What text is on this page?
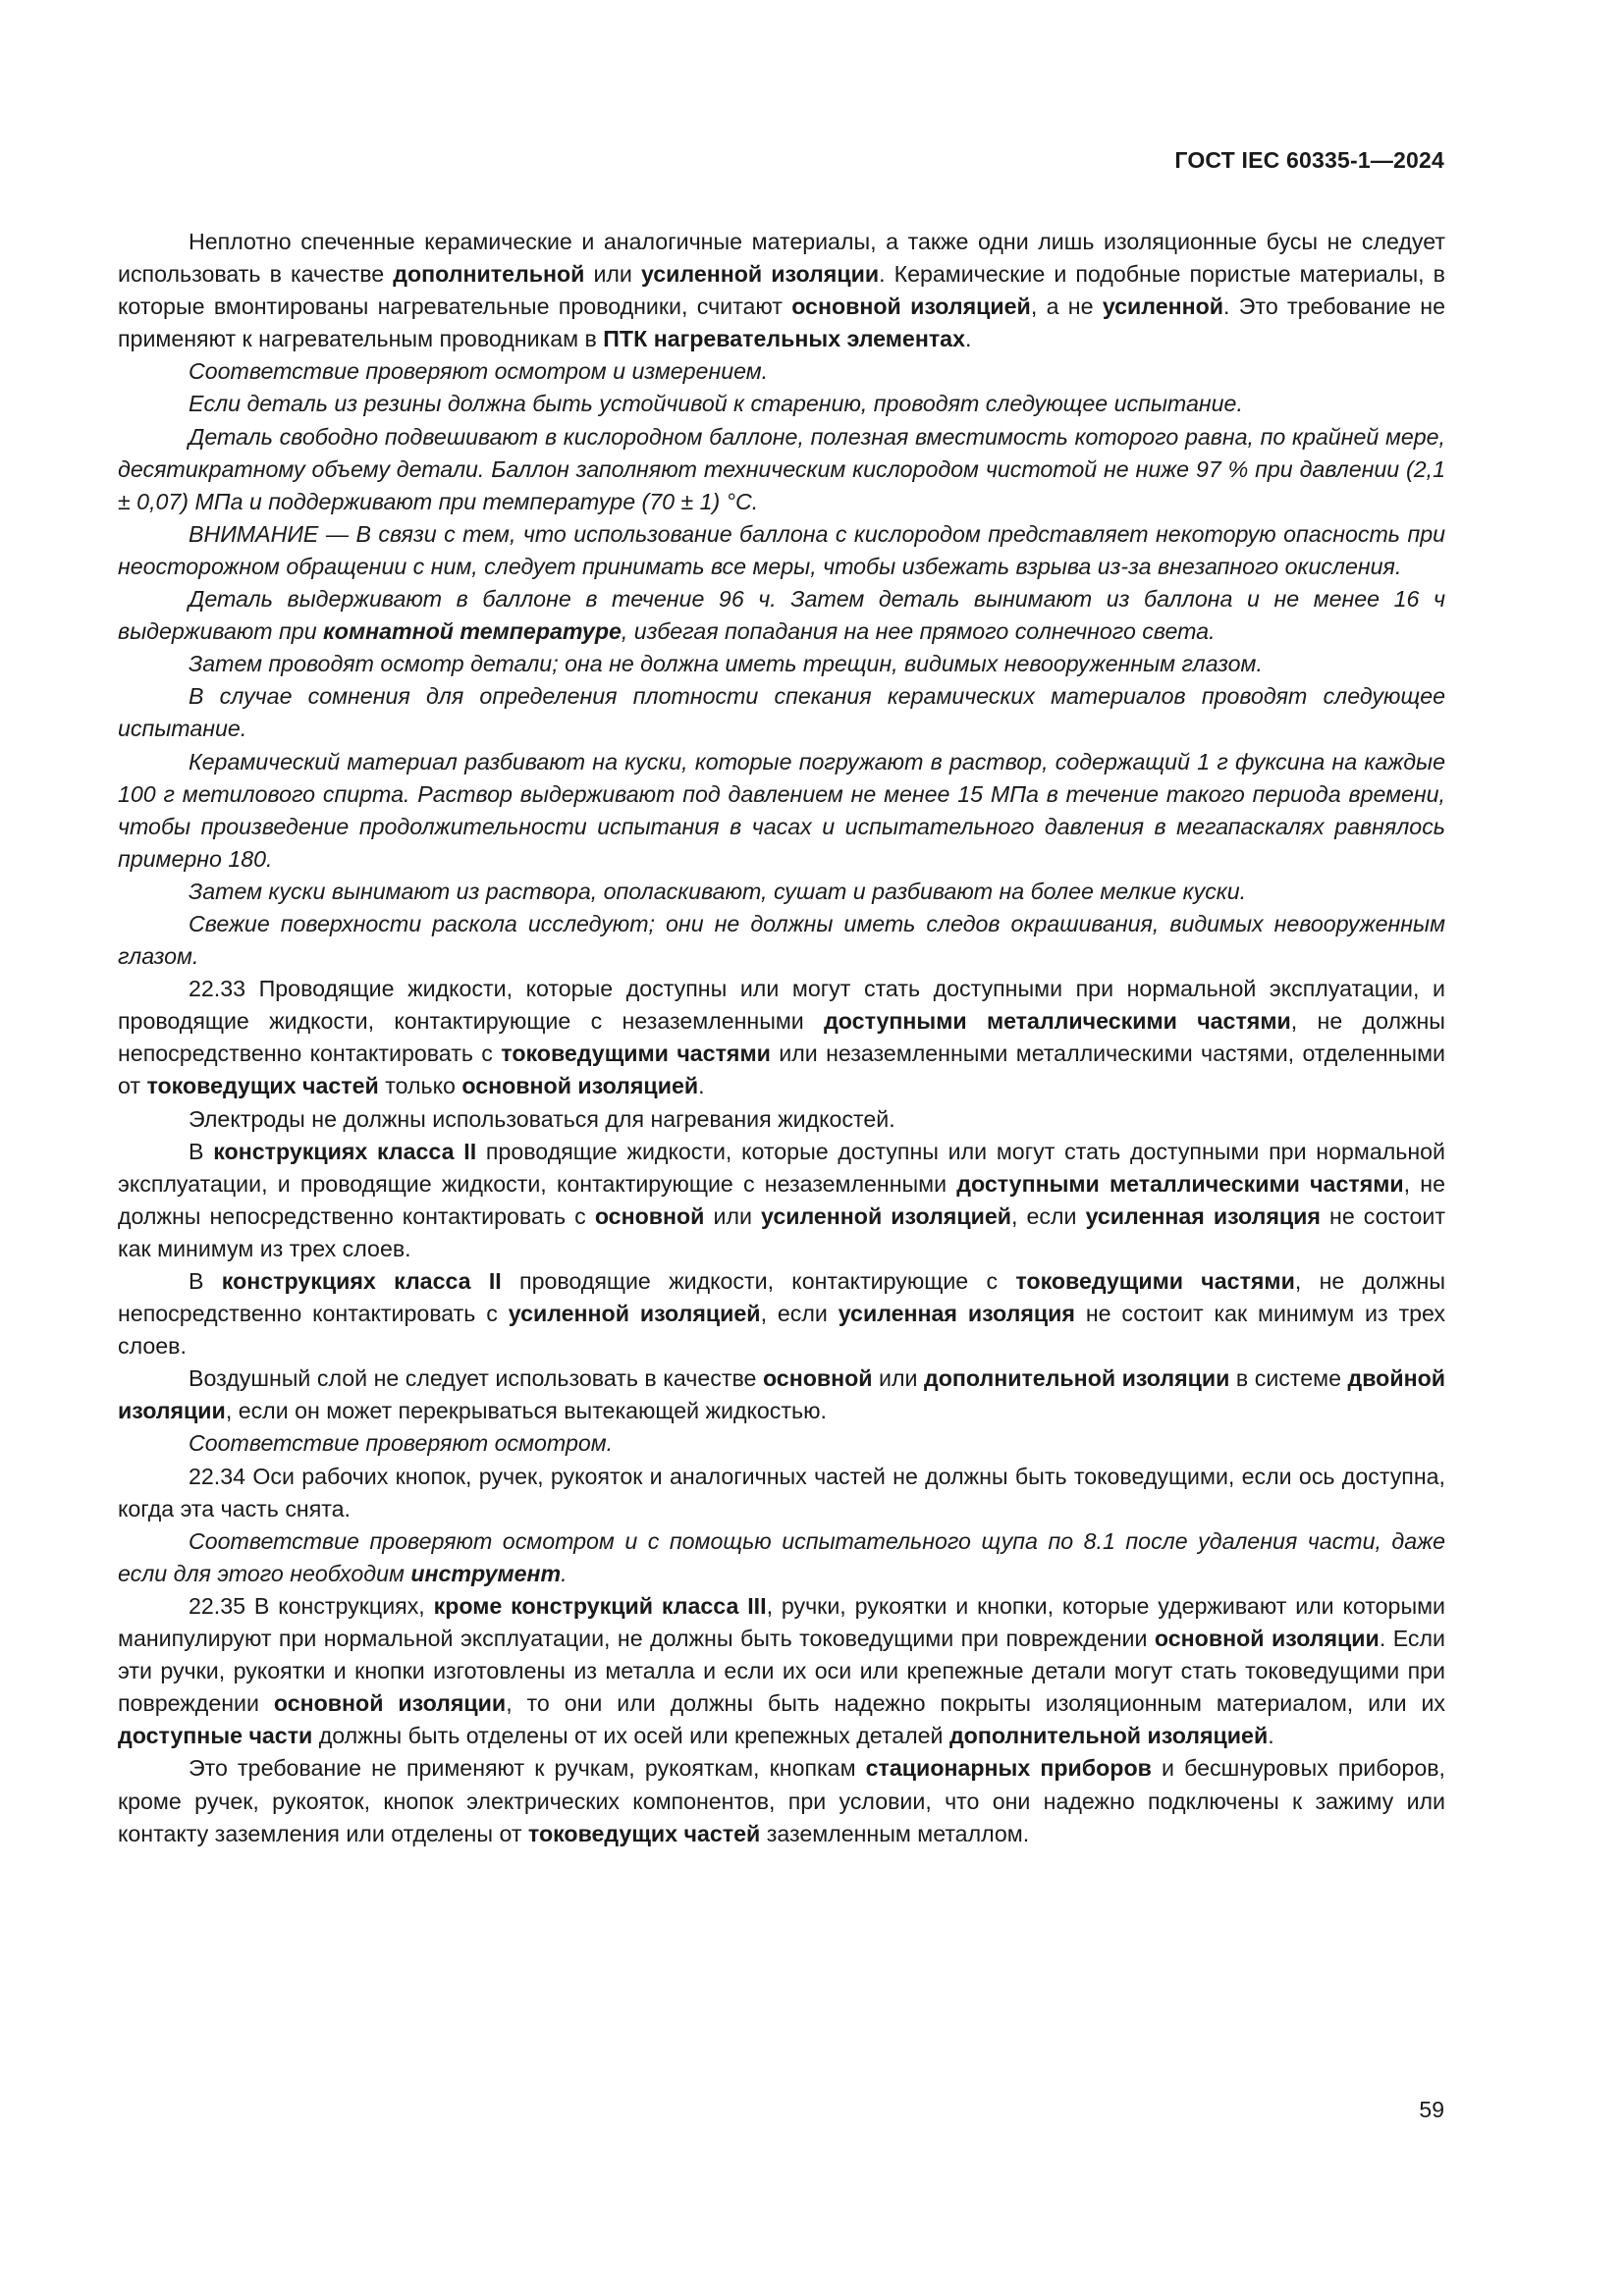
ГОСТ IEC 60335-1—2024

Неплотно спеченные керамические и аналогичные материалы, а также одни лишь изоляционные бусы не следует использовать в качестве дополнительной или усиленной изоляции. Керамические и подобные пористые материалы, в которые вмонтированы нагревательные проводники, считают основной изоляцией, а не усиленной. Это требование не применяют к нагревательным проводникам в ПТК нагревательных элементах.

Соответствие проверяют осмотром и измерением.

Если деталь из резины должна быть устойчивой к старению, проводят следующее испытание.

Деталь свободно подвешивают в кислородном баллоне, полезная вместимость которого равна, по крайней мере, десятикратному объему детали. Баллон заполняют техническим кислородом чистотой не ниже 97 % при давлении (2,1 ± 0,07) МПа и поддерживают при температуре (70 ± 1) °С.

ВНИМАНИЕ — В связи с тем, что использование баллона с кислородом представляет некоторую опасность при неосторожном обращении с ним, следует принимать все меры, чтобы избежать взрыва из-за внезапного окисления.

Деталь выдерживают в баллоне в течение 96 ч. Затем деталь вынимают из баллона и не менее 16 ч выдерживают при комнатной температуре, избегая попадания на нее прямого солнечного света.

Затем проводят осмотр детали; она не должна иметь трещин, видимых невооруженным глазом.

В случае сомнения для определения плотности спекания керамических материалов проводят следующее испытание.

Керамический материал разбивают на куски, которые погружают в раствор, содержащий 1 г фуксина на каждые 100 г метилового спирта. Раствор выдерживают под давлением не менее 15 МПа в течение такого периода времени, чтобы произведение продолжительности испытания в часах и испытательного давления в мегапаскалях равнялось примерно 180.

Затем куски вынимают из раствора, ополаскивают, сушат и разбивают на более мелкие куски.

Свежие поверхности раскола исследуют; они не должны иметь следов окрашивания, видимых невооруженным глазом.

22.33 Проводящие жидкости, которые доступны или могут стать доступными при нормальной эксплуатации, и проводящие жидкости, контактирующие с незаземленными доступными металлическими частями, не должны непосредственно контактировать с токоведущими частями или незаземленными металлическими частями, отделенными от токоведущих частей только основной изоляцией.

Электроды не должны использоваться для нагревания жидкостей.

В конструкциях класса II проводящие жидкости, которые доступны или могут стать доступными при нормальной эксплуатации, и проводящие жидкости, контактирующие с незаземленными доступными металлическими частями, не должны непосредственно контактировать с основной или усиленной изоляцией, если усиленная изоляция не состоит как минимум из трех слоев.

В конструкциях класса II проводящие жидкости, контактирующие с токоведущими частями, не должны непосредственно контактировать с усиленной изоляцией, если усиленная изоляция не состоит как минимум из трех слоев.

Воздушный слой не следует использовать в качестве основной или дополнительной изоляции в системе двойной изоляции, если он может перекрываться вытекающей жидкостью.

Соответствие проверяют осмотром.

22.34 Оси рабочих кнопок, ручек, рукояток и аналогичных частей не должны быть токоведущими, если ось доступна, когда эта часть снята.

Соответствие проверяют осмотром и с помощью испытательного щупа по 8.1 после удаления части, даже если для этого необходим инструмент.

22.35 В конструкциях, кроме конструкций класса III, ручки, рукоятки и кнопки, которые удерживают или которыми манипулируют при нормальной эксплуатации, не должны быть токоведущими при повреждении основной изоляции. Если эти ручки, рукоятки и кнопки изготовлены из металла и если их оси или крепежные детали могут стать токоведущими при повреждении основной изоляции, то они или должны быть надежно покрыты изоляционным материалом, или их доступные части должны быть отделены от их осей или крепежных деталей дополнительной изоляцией.

Это требование не применяют к ручкам, рукояткам, кнопкам стационарных приборов и бесшнуровых приборов, кроме ручек, рукояток, кнопок электрических компонентов, при условии, что они надежно подключены к зажиму или контакту заземления или отделены от токоведущих частей заземленным металлом.

59
